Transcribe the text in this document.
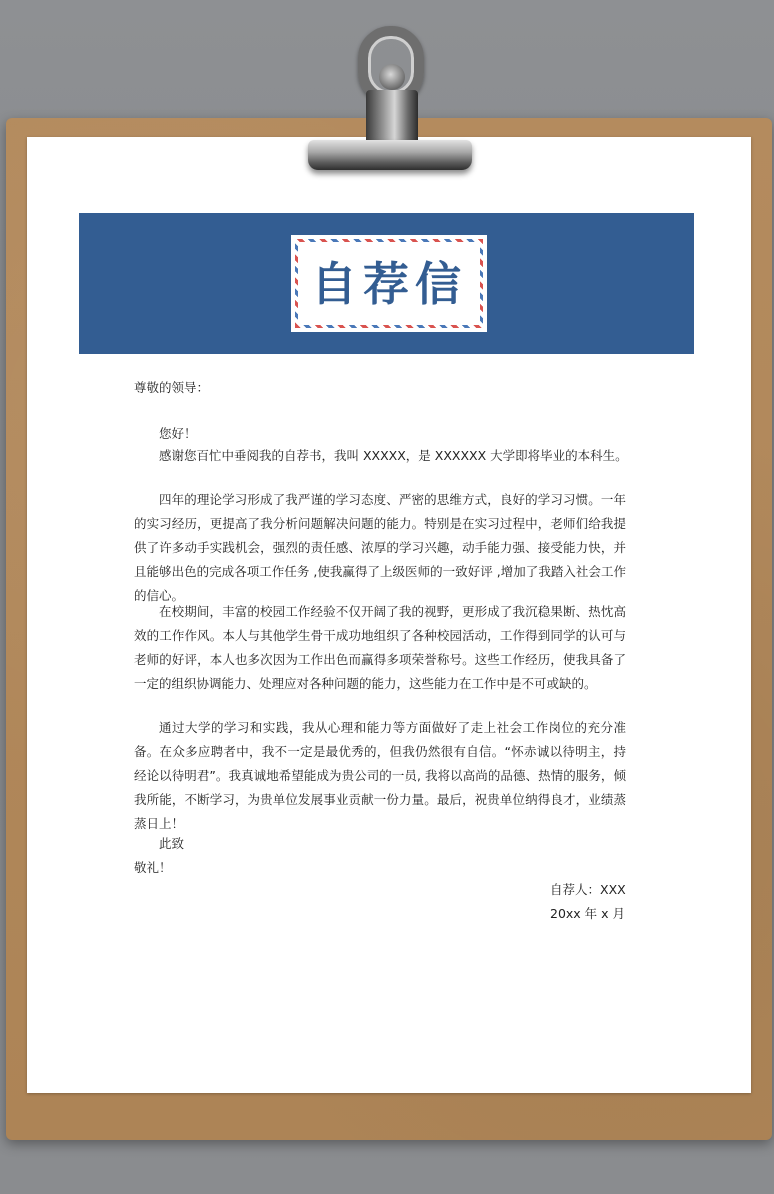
自荐信
尊敬的领导：
您好！
感谢您百忙中垂阅我的自荐书，我叫 XXXXX，是 XXXXXX 大学即将毕业的本科生。
四年的理论学习形成了我严谨的学习态度、严密的思维方式，良好的学习习惯。一年的实习经历，更提高了我分析问题解决问题的能力。特别是在实习过程中，老师们给我提供了许多动手实践机会，强烈的责任感、浓厚的学习兴趣，动手能力强、接受能力快，并且能够出色的完成各项工作任务 ,使我赢得了上级医师的一致好评 ,增加了我踏入社会工作的信心。
在校期间，丰富的校园工作经验不仅开阔了我的视野，更形成了我沉稳果断、热忱高效的工作作风。本人与其他学生骨干成功地组织了各种校园活动，工作得到同学的认可与老师的好评，本人也多次因为工作出色而赢得多项荣誉称号。这些工作经历，使我具备了一定的组织协调能力、处理应对各种问题的能力，这些能力在工作中是不可或缺的。
通过大学的学习和实践，我从心理和能力等方面做好了走上社会工作岗位的充分准备。在众多应聘者中，我不一定是最优秀的，但我仍然很有自信。“怀赤诚以待明主，持经论以待明君”。我真诚地希望能成为贵公司的一员, 我将以高尚的品德、热情的服务，倾我所能，不断学习，为贵单位发展事业贡献一份力量。最后，祝贵单位纳得良才，业绩蒸蒸日上！
此致
敬礼！
自荐人：XXX
20xx 年 x 月
